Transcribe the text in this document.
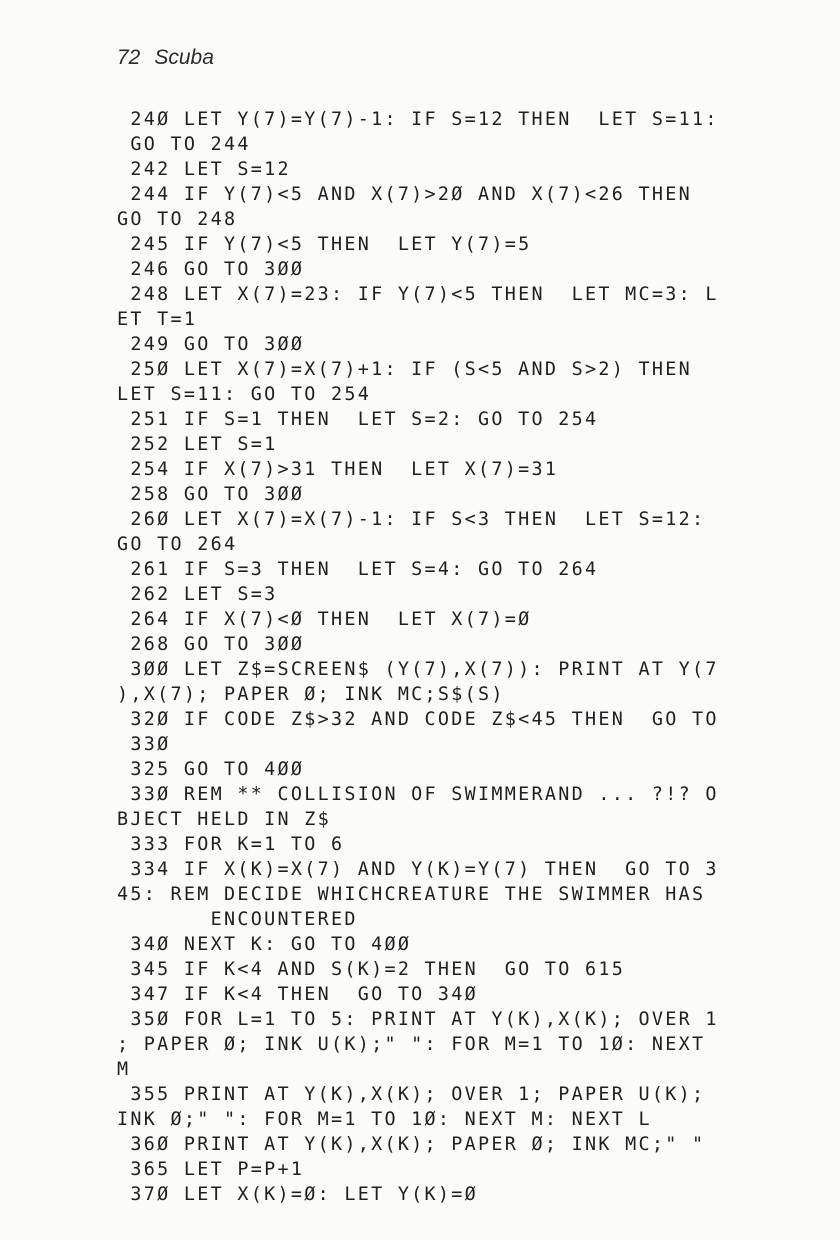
72 Scuba
24Ø LET Y(7)=Y(7)-1: IF S=12 THEN  LET S=11:
GO TO 244
242 LET S=12
244 IF Y(7)<5 AND X(7)>2Ø AND X(7)<26 THEN
GO TO 248
245 IF Y(7)<5 THEN  LET Y(7)=5
246 GO TO 3ØØ
248 LET X(7)=23: IF Y(7)<5 THEN  LET MC=3: L
ET T=1
249 GO TO 3ØØ
25Ø LET X(7)=X(7)+1: IF (S<5 AND S>2) THEN
LET S=11: GO TO 254
251 IF S=1 THEN  LET S=2: GO TO 254
252 LET S=1
254 IF X(7)>31 THEN  LET X(7)=31
258 GO TO 3ØØ
26Ø LET X(7)=X(7)-1: IF S<3 THEN  LET S=12:
GO TO 264
261 IF S=3 THEN  LET S=4: GO TO 264
262 LET S=3
264 IF X(7)<Ø THEN  LET X(7)=Ø
268 GO TO 3ØØ
3ØØ LET Z$=SCREEN$ (Y(7),X(7)): PRINT AT Y(7
),X(7); PAPER Ø; INK MC;S$(S)
32Ø IF CODE Z$>32 AND CODE Z$<45 THEN  GO TO
33Ø
325 GO TO 4ØØ
33Ø REM ** COLLISION OF SWIMMERAND ... ?!? O
BJECT HELD IN Z$
333 FOR K=1 TO 6
334 IF X(K)=X(7) AND Y(K)=Y(7) THEN  GO TO 3
45: REM DECIDE WHICHCREATURE THE SWIMMER HAS
ENCOUNTERED
34Ø NEXT K: GO TO 4ØØ
345 IF K<4 AND S(K)=2 THEN  GO TO 615
347 IF K<4 THEN  GO TO 34Ø
35Ø FOR L=1 TO 5: PRINT AT Y(K),X(K); OVER 1
; PAPER Ø; INK U(K);" ": FOR M=1 TO 1Ø: NEXT
M
355 PRINT AT Y(K),X(K); OVER 1; PAPER U(K);
INK Ø;" ": FOR M=1 TO 1Ø: NEXT M: NEXT L
36Ø PRINT AT Y(K),X(K); PAPER Ø; INK MC;" "
365 LET P=P+1
37Ø LET X(K)=Ø: LET Y(K)=Ø
